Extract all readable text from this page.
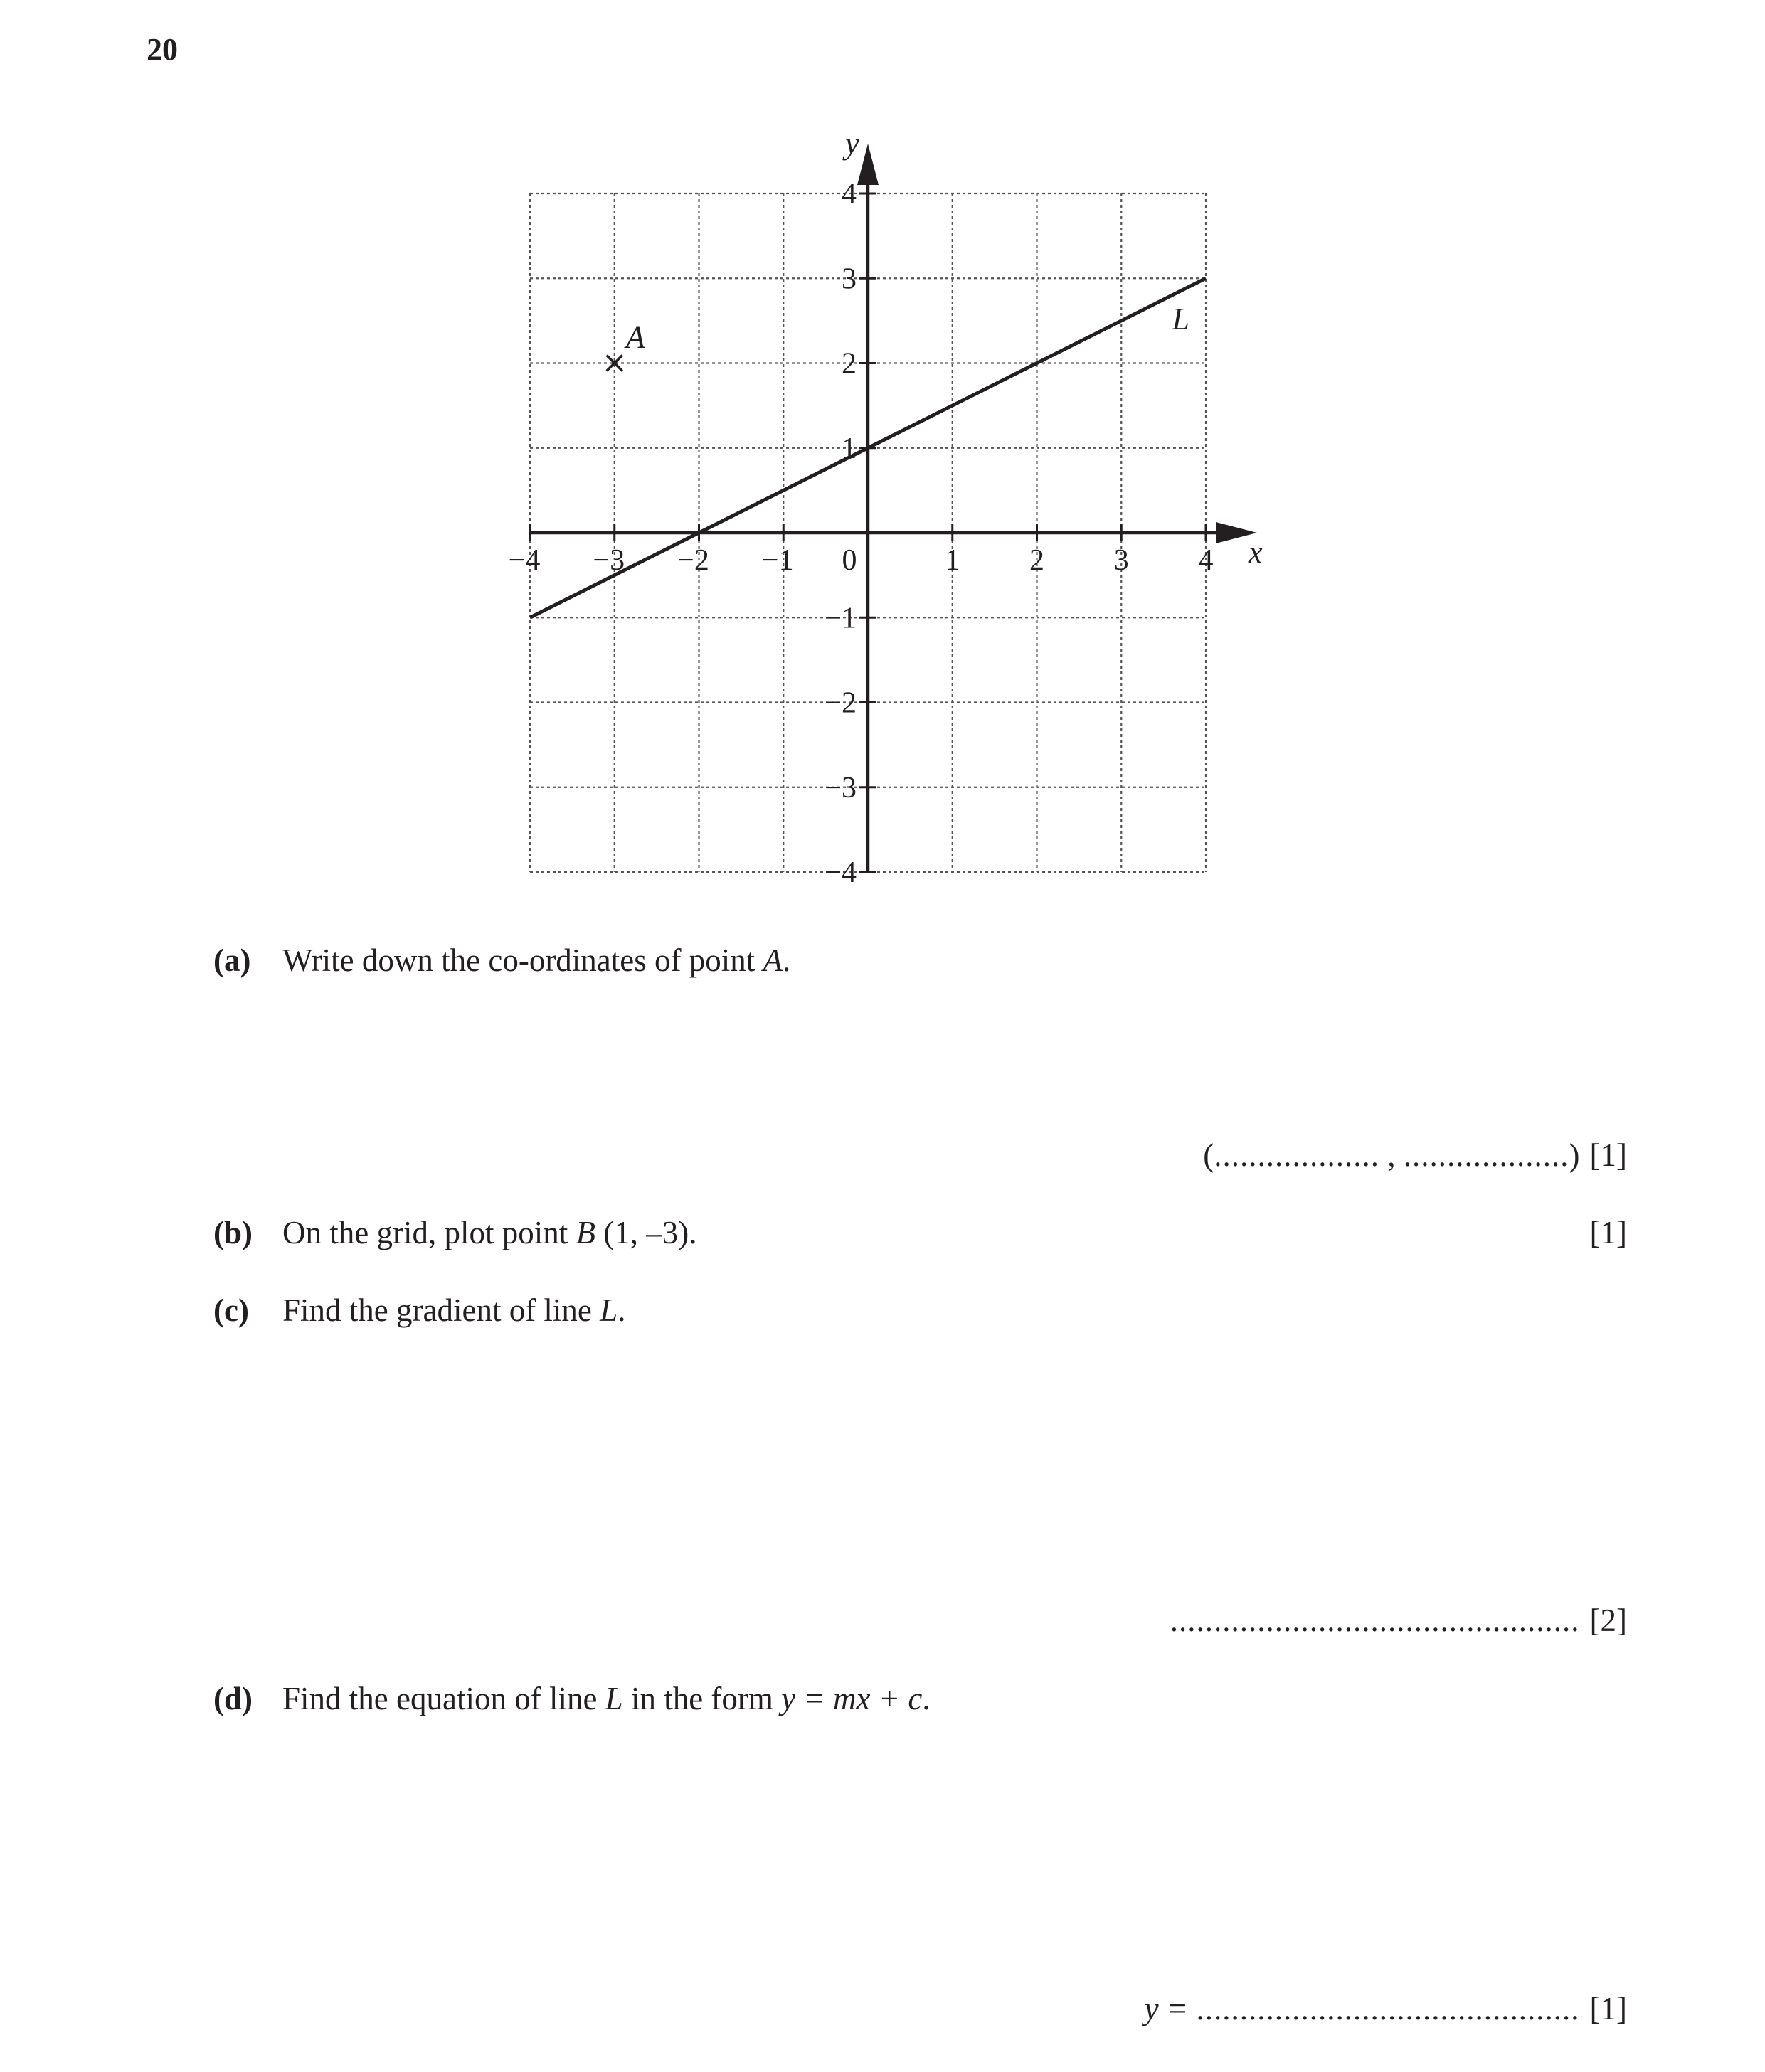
20
−4 −3 −2 −1 0	1 2 3 4
4
3
2
1
−1
−2
−3
−4
L
A
x
y
(a) Write down the co-ordinates of point A.
(................... , ...................) [1]
(b) On the grid, plot point B (1, –3).	[1]
(c) Find the gradient of line L.
............................................... [2]
(d) Find the equation of line L in the form y = mx + c.
y = ............................................ [1]
